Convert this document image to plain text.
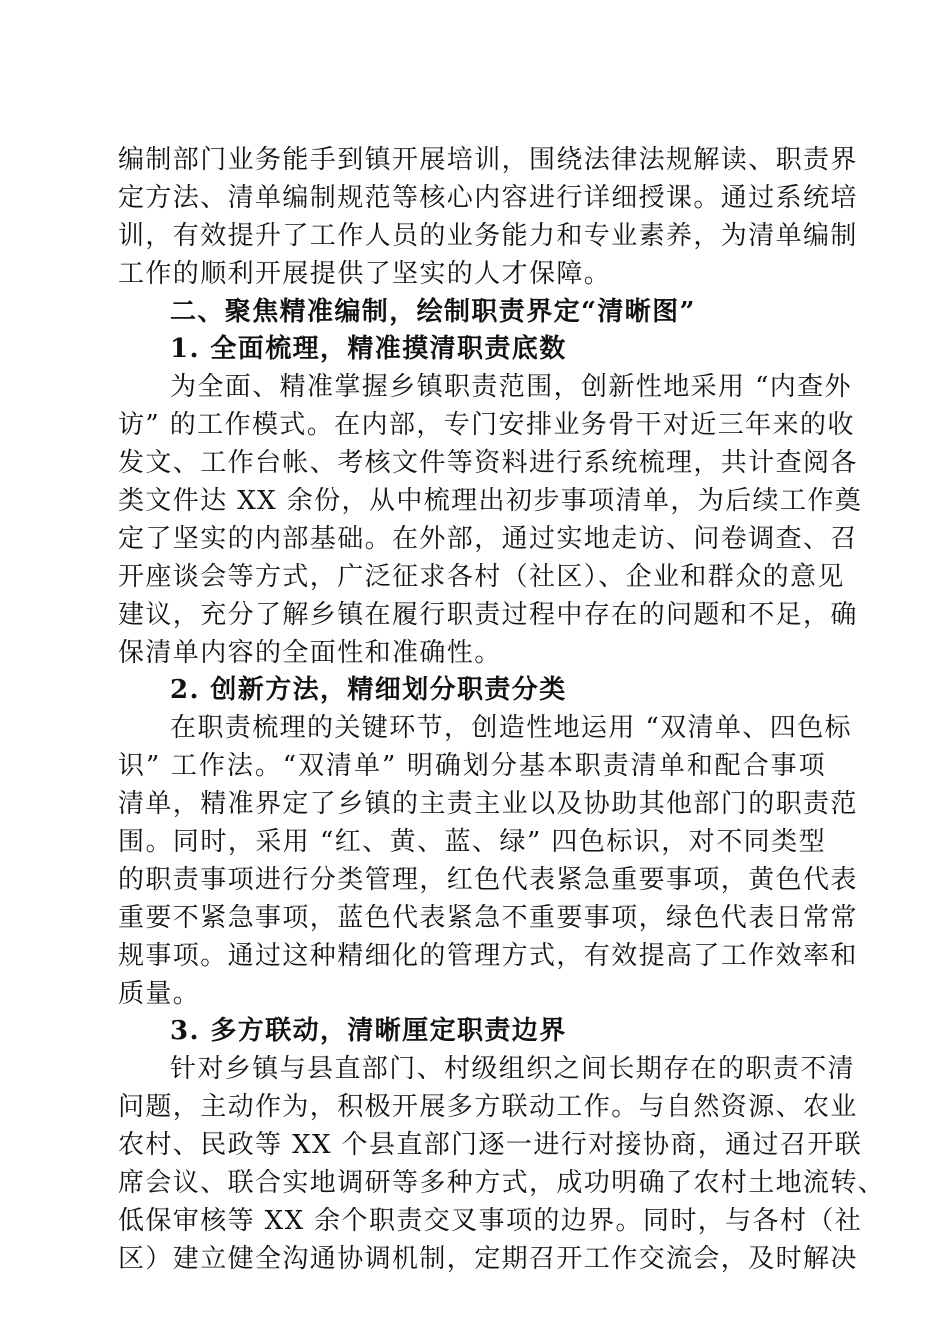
编制部门业务能手到镇开展培训，围绕法律法规解读、职责界
定方法、清单编制规范等核心内容进行详细授课。通过系统培
训，有效提升了工作人员的业务能力和专业素养，为清单编制
工作的顺利开展提供了坚实的人才保障。
二、聚焦精准编制，绘制职责界定“清晰图”
1. 全面梳理，精准摸清职责底数
为全面、精准掌握乡镇职责范围，创新性地采用 “内查外
访” 的工作模式。在内部，专门安排业务骨干对近三年来的收
发文、工作台帐、考核文件等资料进行系统梳理，共计查阅各
类文件达 XX 余份，从中梳理出初步事项清单，为后续工作奠
定了坚实的内部基础。在外部，通过实地走访、问卷调查、召
开座谈会等方式，广泛征求各村（社区）、企业和群众的意见
建议，充分了解乡镇在履行职责过程中存在的问题和不足，确
保清单内容的全面性和准确性。
2. 创新方法，精细划分职责分类
在职责梳理的关键环节，创造性地运用 “双清单、四色标
识” 工作法。“双清单” 明确划分基本职责清单和配合事项
清单，精准界定了乡镇的主责主业以及协助其他部门的职责范
围。同时，采用 “红、黄、蓝、绿” 四色标识，对不同类型
的职责事项进行分类管理，红色代表紧急重要事项，黄色代表
重要不紧急事项，蓝色代表紧急不重要事项，绿色代表日常常
规事项。通过这种精细化的管理方式，有效提高了工作效率和
质量。
3. 多方联动，清晰厘定职责边界
针对乡镇与县直部门、村级组织之间长期存在的职责不清
问题，主动作为，积极开展多方联动工作。与自然资源、农业
农村、民政等 XX 个县直部门逐一进行对接协商，通过召开联
席会议、联合实地调研等多种方式，成功明确了农村土地流转、
低保审核等 XX 余个职责交叉事项的边界。同时，与各村（社
区）建立健全沟通协调机制，定期召开工作交流会，及时解决
